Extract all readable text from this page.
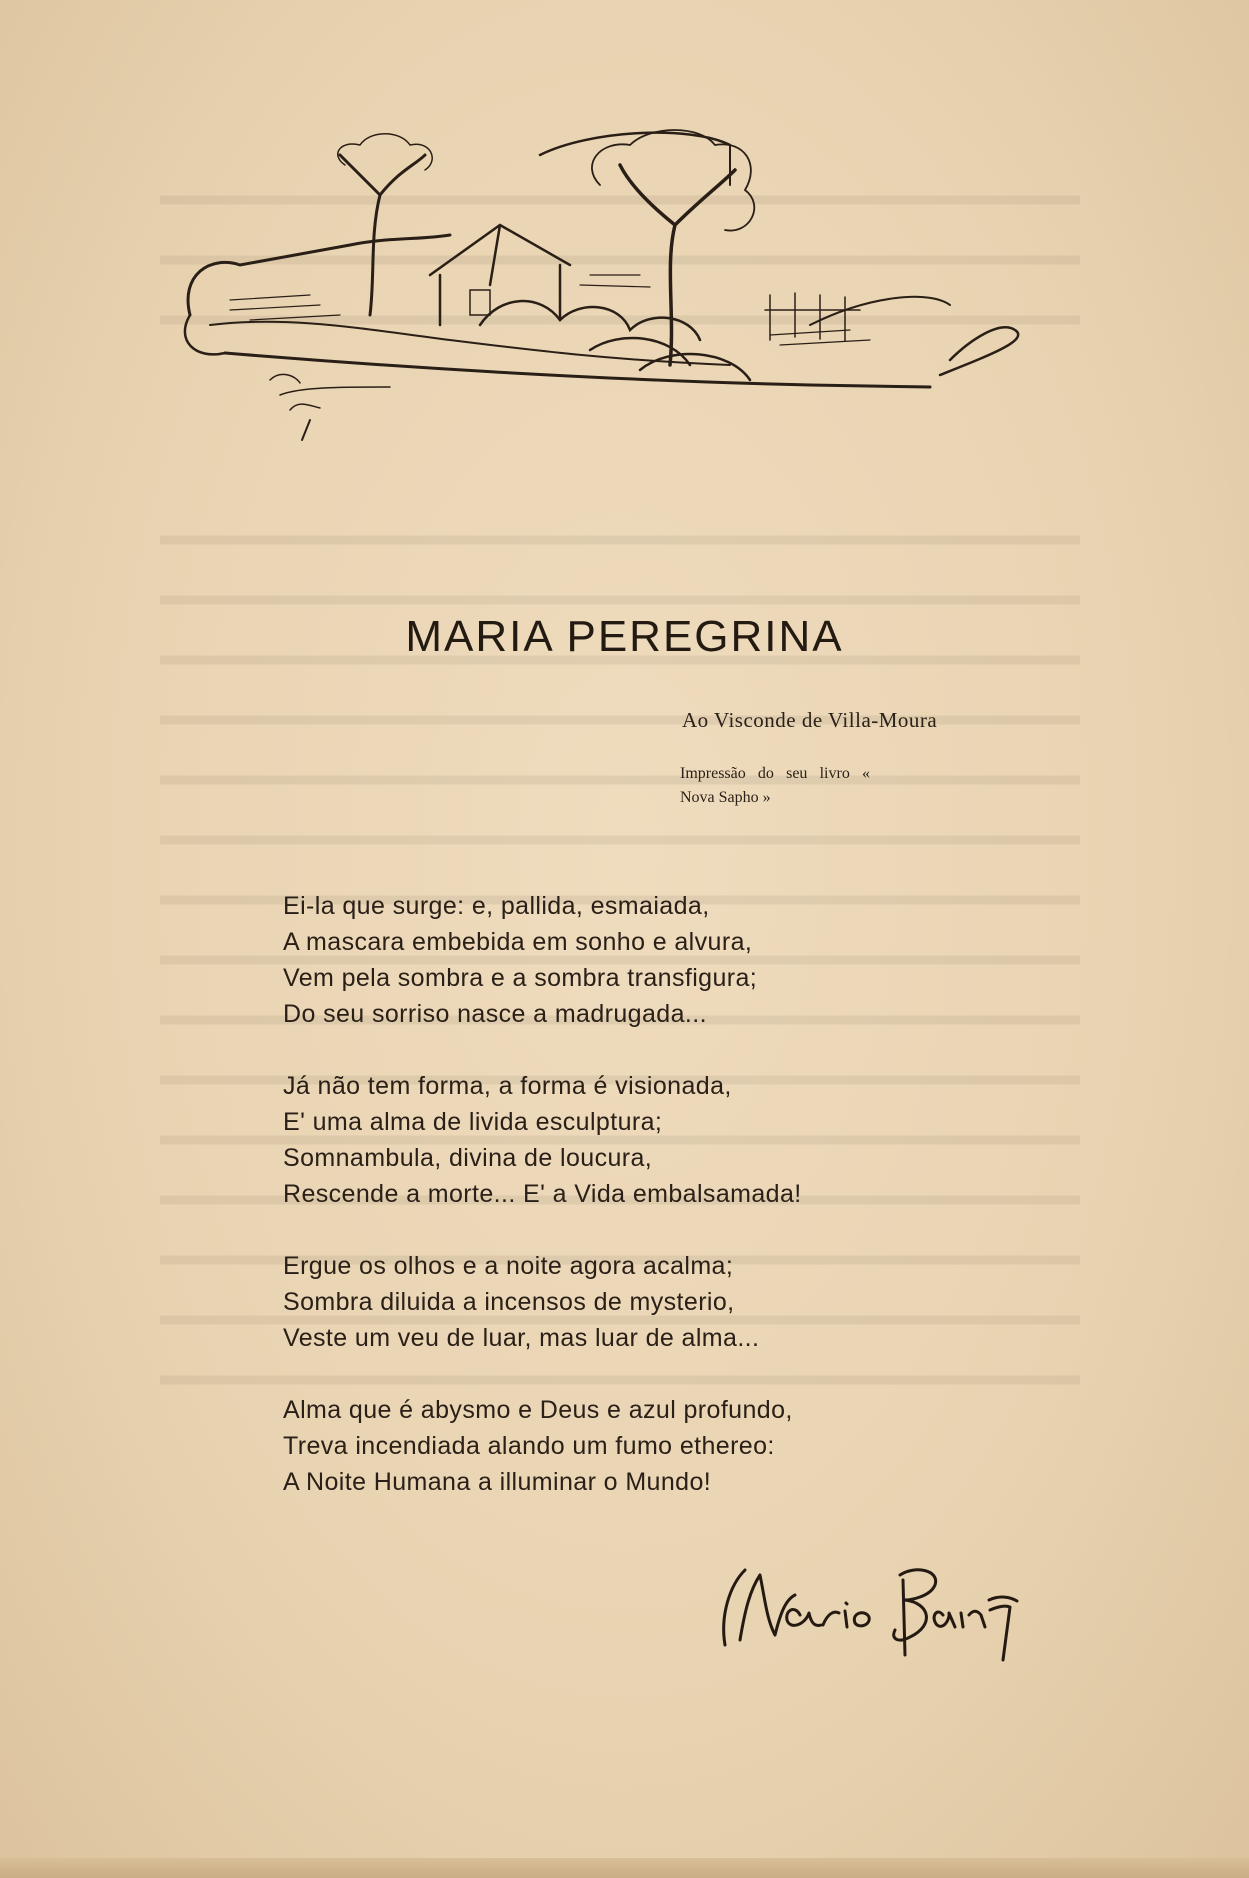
MARIA PEREGRINA
Ao Visconde de Villa-Moura
Impressão do seu livro « Nova Sapho »
Ei-la que surge: e, pallida, esmaiada,
A mascara embebida em sonho e alvura,
Vem pela sombra e a sombra transfigura;
Do seu sorriso nasce a madrugada...
Já não tem forma, a forma é visionada,
E' uma alma de livida esculptura;
Somnambula, divina de loucura,
Rescende a morte... E' a Vida embalsamada!
Ergue os olhos e a noite agora acalma;
Sombra diluida a incensos de mysterio,
Veste um veu de luar, mas luar de alma...
Alma que é abysmo e Deus e azul profundo,
Treva incendiada alando um fumo ethereo:
A Noite Humana a illuminar o Mundo!
